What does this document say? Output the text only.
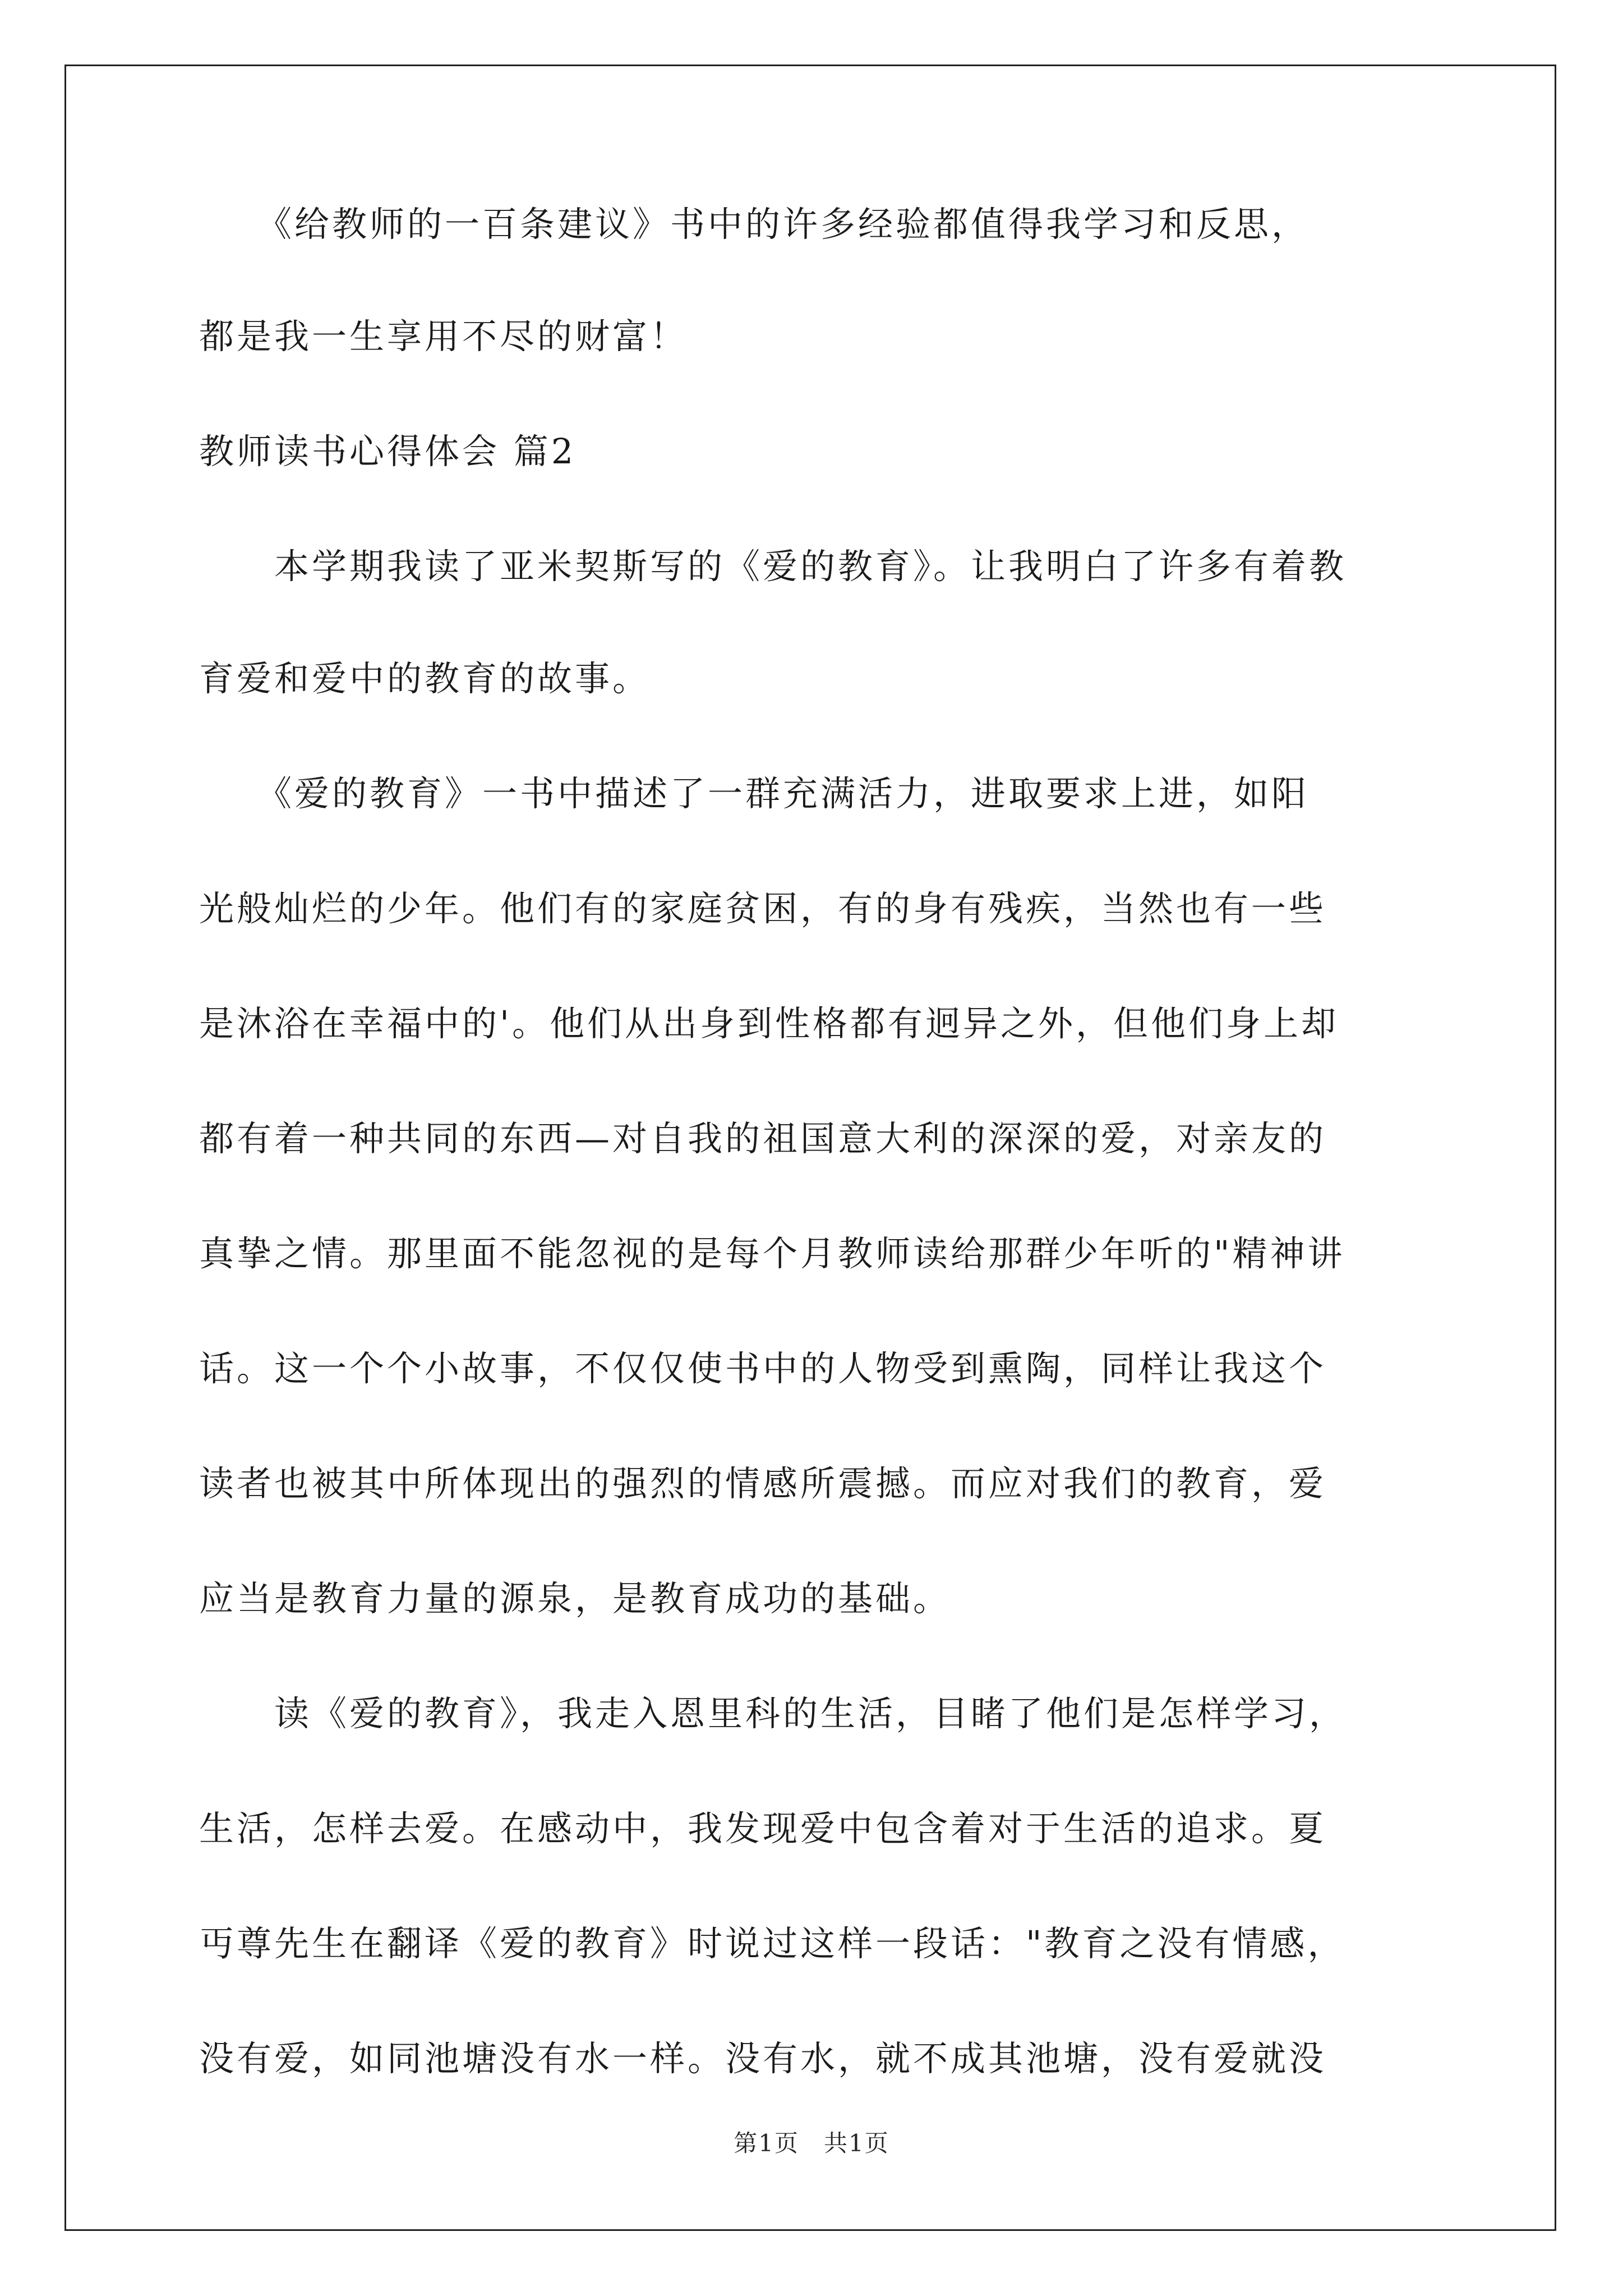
　　《给教师的一百条建议》书中的许多经验都值得我学习和反思，
都是我一生享用不尽的财富！
教师读书心得体会 篇2
　　本学期我读了亚米契斯写的《爱的教育》。让我明白了许多有着教
育爱和爱中的教育的故事。
　　《爱的教育》一书中描述了一群充满活力，进取要求上进，如阳
光般灿烂的少年。他们有的家庭贫困，有的身有残疾，当然也有一些
是沐浴在幸福中的'。他们从出身到性格都有迥异之外，但他们身上却
都有着一种共同的东西—对自我的祖国意大利的深深的爱，对亲友的
真挚之情。那里面不能忽视的是每个月教师读给那群少年听的"精神讲
话。这一个个小故事，不仅仅使书中的人物受到熏陶，同样让我这个
读者也被其中所体现出的强烈的情感所震撼。而应对我们的教育，爱
应当是教育力量的源泉，是教育成功的基础。
　　读《爱的教育》，我走入恩里科的生活，目睹了他们是怎样学习，
生活，怎样去爱。在感动中，我发现爱中包含着对于生活的追求。夏
丏尊先生在翻译《爱的教育》时说过这样一段话："教育之没有情感，
没有爱，如同池塘没有水一样。没有水，就不成其池塘，没有爱就没
第1页　共1页
